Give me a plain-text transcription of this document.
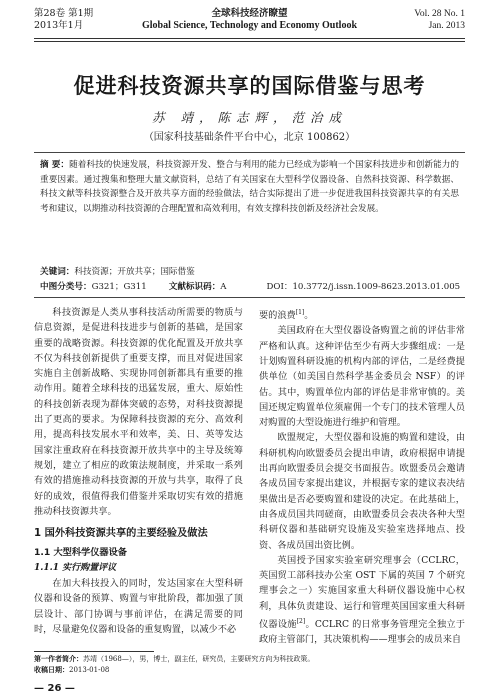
第28卷 第1期
2013年1月
全球科技经济瞭望
Global Science, Technology and Economy Outlook
Vol. 28 No. 1
Jan. 2013
促进科技资源共享的国际借鉴与思考
苏 靖，陈志辉，范治成
（国家科技基础条件平台中心，北京 100862）
摘 要：随着科技的快速发展，科技资源开发、整合与利用的能力已经成为影响一个国家科技进步和创新能力的重要因素。通过搜集和整理大量文献资料，总结了有关国家在大型科学仪器设备、自然科技资源、科学数据、科技文献等科技资源整合及开放共享方面的经验做法，结合实际提出了进一步促进我国科技资源共享的有关思考和建议，以期推动科技资源的合理配置和高效利用，有效支撑科技创新及经济社会发展。
关键词：科技资源；开放共享；国际借鉴
中图分类号：G321；G311	文献标识码：A	DOI：10.3772/j.issn.1009-8623.2013.01.005

科技资源是人类从事科技活动所需要的物质与信息资源，是促进科技进步与创新的基础，是国家重要的战略资源。科技资源的优化配置及开放共享不仅为科技创新提供了重要支撑，而且对促进国家实施自主创新战略、实现协同创新都具有重要的推动作用。随着全球科技的迅猛发展，重大、原始性的科技创新表现为群体突破的态势，对科技资源提出了更高的要求。为保障科技资源的充分、高效利用，提高科技发展水平和效率，美、日、英等发达国家注重政府在科技资源开放共享中的主导及统筹规划，建立了相应的政策法规制度，并采取一系列有效的措施推动科技资源的开放与共享，取得了良好的成效，很值得我们借鉴并采取切实有效的措施推动科技资源共享。

1 国外科技资源共享的主要经验及做法
1.1 大型科学仪器设备
1.1.1 实行购置评议

在加大科技投入的同时，发达国家在大型科研仪器和设备的预算、购置与审批阶段，都加强了顶层设计、部门协调与事前评估，在满足需要的同时，尽量避免仪器和设备的重复购置，以减少不必

要的浪费[1]。

美国政府在大型仪器设备购置之前的评估非常严格和认真。这种评估至少有两大步骤组成：一是计划购置科研设施的机构内部的评估，二是经费提供单位（如美国自然科学基金委员会 NSF）的评估。其中，购置单位内部的评估是非常审慎的。美国还规定购置单位须雇佣一个专门的技术管理人员对购置的大型设施进行维护和管理。

欧盟规定，大型仪器和设施的购置和建设，由科研机构向欧盟委员会提出申请，政府根据申请提出再向欧盟委员会提交书面报告。欧盟委员会邀请各成员国专家提出建议，并根据专家的建议表决结果做出是否必要购置和建设的决定。在此基础上，由各成员国共同磋商，由欧盟委员会表决各种大型科研仪器和基础研究设施及实验室选择地点、投资、各成员国出资比例。

英国授予国家实验室研究理事会（CCLRC，英国贸工部科技办公室 OST 下属的英国 7 个研究理事会之一）实施国家重大科研仪器设施中心权利，具体负责建设、运行和管理英国国家重大科研仪器设施[2]。CCLRC 的日常事务管理完全独立于政府主管部门，其决策机构——理事会的成员来自

第一作者简介：苏靖（1968—），男，博士，副主任，研究员，主要研究方向为科技政策。
收稿日期：2013-01-08
— 26 —
